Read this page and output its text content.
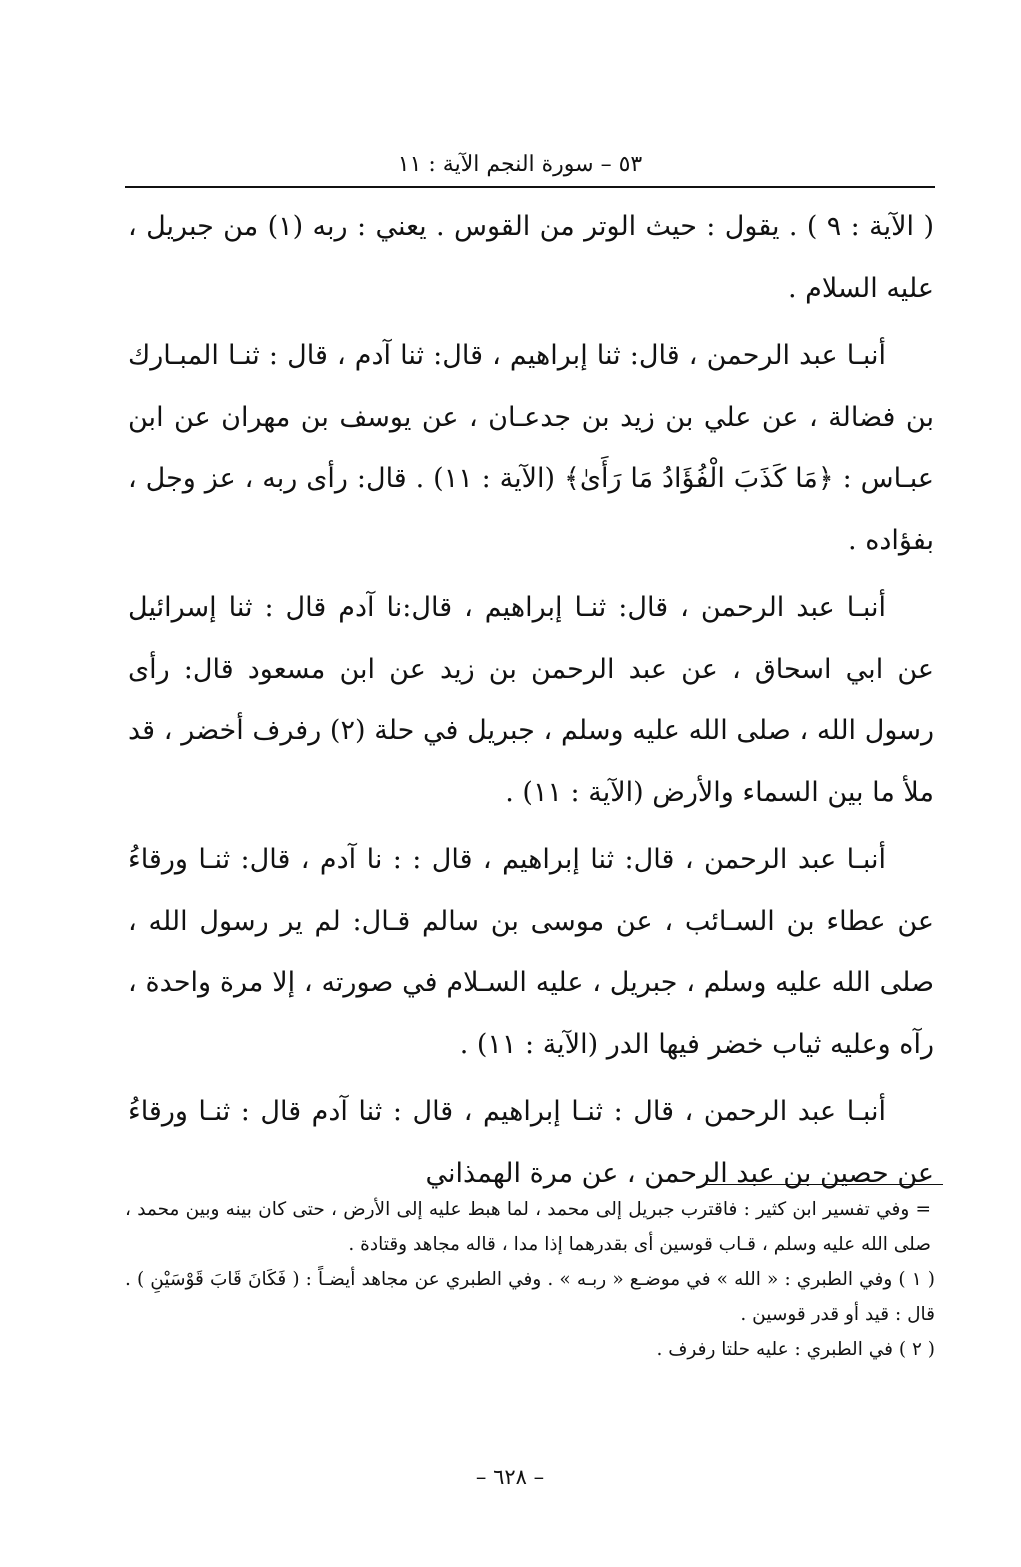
٥٣ – سورة النجم الآية : ١١

( الآية : ٩ ) . يقول : حيث الوتر من القوس . يعني : ربه (١) من جبريل ، عليه السلام .

أنبـا عبد الرحمن ، قال: ثنا إبراهيم ، قال: ثنا آدم ، قال : ثنـا المبـارك بن فضالة ، عن علي بن زيد بن جدعـان ، عن يوسف بن مهران عن ابن عبـاس : ﴿مَا كَذَبَ الْفُؤَادُ مَا رَأَىٰ﴾ (الآية : ١١) . قال: رأى ربه ، عز وجل ، بفؤاده .

أنبـا عبد الرحمن ، قال: ثنـا إبراهيم ، قال:نا آدم قال : ثنا إسرائيل عن ابي اسحاق ، عن عبد الرحمن بن زيد عن ابن مسعود قال: رأى رسول الله ، صلى الله عليه وسلم ، جبريل في حلة (٢) رفرف أخضر ، قد ملأ ما بين السماء والأرض (الآية : ١١) .

أنبـا عبد الرحمن ، قال: ثنا إبراهيم ، قال : : نا آدم ، قال: ثنـا ورقاءُ عن عطاء بن السـائب ، عن موسى بن سالم قـال: لم ير رسول الله ، صلى الله عليه وسلم ، جبريل ، عليه السـلام في صورته ، إلا مرة واحدة ، رآه وعليه ثياب خضر فيها الدر (الآية : ١١) .

أنبـا عبد الرحمن ، قال : ثنـا إبراهيم ، قال : ثنا آدم قال : ثنـا ورقاءُ عن حصين بن عبد الرحمن ، عن مرة الهمذاني

= وفي تفسير ابن كثير : فاقترب جبريل إلى محمد ، لما هبط عليه إلى الأرض ، حتى كان بينه وبين محمد ، صلى الله عليه وسلم ، قـاب قوسين أى بقدرهما إذا مدا ، قاله مجاهد وقتادة .

( ١ ) وفي الطبري : « الله » في موضـع « ربـه » . وفي الطبري عن مجاهد أيضـاً : ( فَكَانَ قَابَ قَوْسَيْنِ ) . قال : قيد أو قدر قوسين .

( ٢ ) في الطبري : عليه حلتا رفرف .

– ٦٢٨ –
